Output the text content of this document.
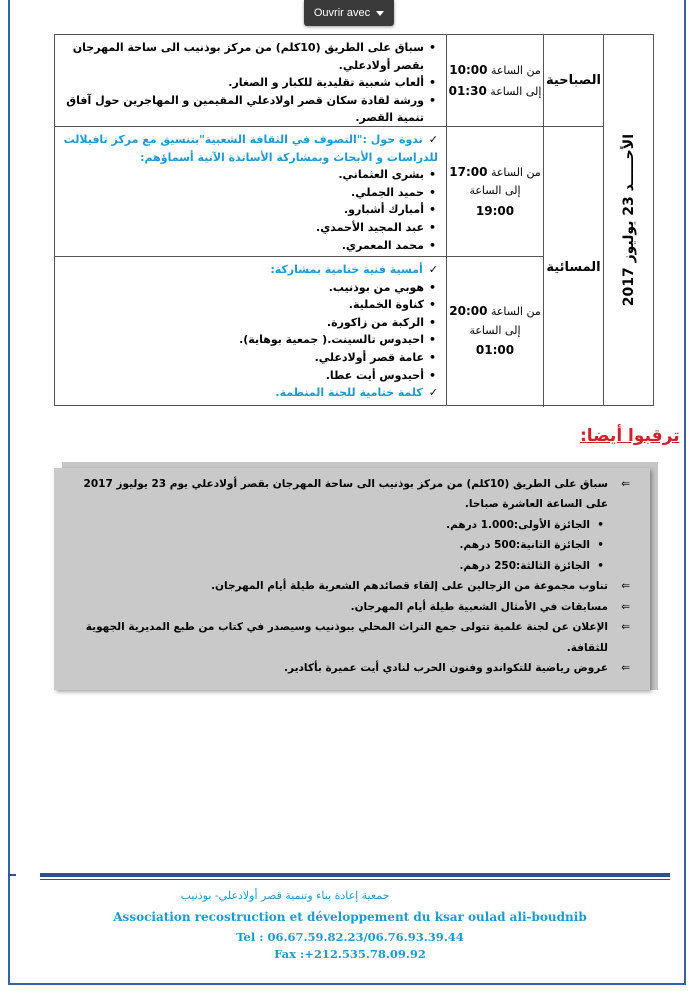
Ouvrir avec
الأحـــــد 23 يوليوز 2017
الصباحية
من الساعة 10:00
إلى الساعة 01:30
• سباق على الطريق (10كلم) من مركز بوذنيب الى ساحة المهرجان بقصر أولادعلي.
• ألعاب شعبية تقليدية للكبار و الصغار.
• ورشة لقادة سكان قصر اولادعلي المقيمين و المهاجرين حول آفاق تنمية القصر.
المسائية
من الساعة 17:00
إلى الساعة
19:00
✓ندوة حول :"التصوف في الثقافة الشعبية"بتنسيق مع مركز تافيلالت للدراسات و الأبحاث وبمشاركة الأساتذة الآتية أسماؤهم:
• بشرى العثماني.
• حميد الجملي.
• أمبارك أشبارو.
• عبد المجيد الأحمدي.
• محمد المعمري.
من الساعة 20:00
إلى الساعة
01:00
✓أمسية فنية ختامية بمشاركة:
• هوبي من بوذنيب.
• كناوة الخملية.
• الركبة من زاكورة.
• احيدوس تالسينت.( جمعية بوهاية).
• عامة قصر أولادعلي.
• أحيدوس أيت عطا.
✓كلمة ختامية للجنة المنظمة.
ترقبوا أيضا:
⇐ سباق على الطريق (10كلم) من مركز بوذنيب الى ساحة المهرجان بقصر أولادعلي يوم 23 يوليوز 2017 على الساعة العاشرة صباحا.
• الجائزة الأولى:1.000 درهم.
• الجائزة الثانية:500 درهم.
• الجائزة الثالثة:250 درهم.
⇐ تناوب مجموعة من الزجالين على إلقاء قصائدهم الشعرية طيلة أيام المهرجان.
⇐ مسابقات في الأمثال الشعبية طيلة أيام المهرجان.
⇐ الإعلان عن لجنة علمية تتولى جمع التراث المحلي ببوذنيب وسيصدر في كتاب من طبع المديرية الجهوية للثقافة.
⇐ عروض رياضية للتكواندو وفنون الحرب لنادي أيت عميرة بأكادير.
جمعية إعادة بناء وتنمية قصر أولادعلي- بوذنيب
Association recostruction et développement du ksar oulad ali-boudnib
Tel : 06.67.59.82.23/06.76.93.39.44
Fax :+212.535.78.09.92
